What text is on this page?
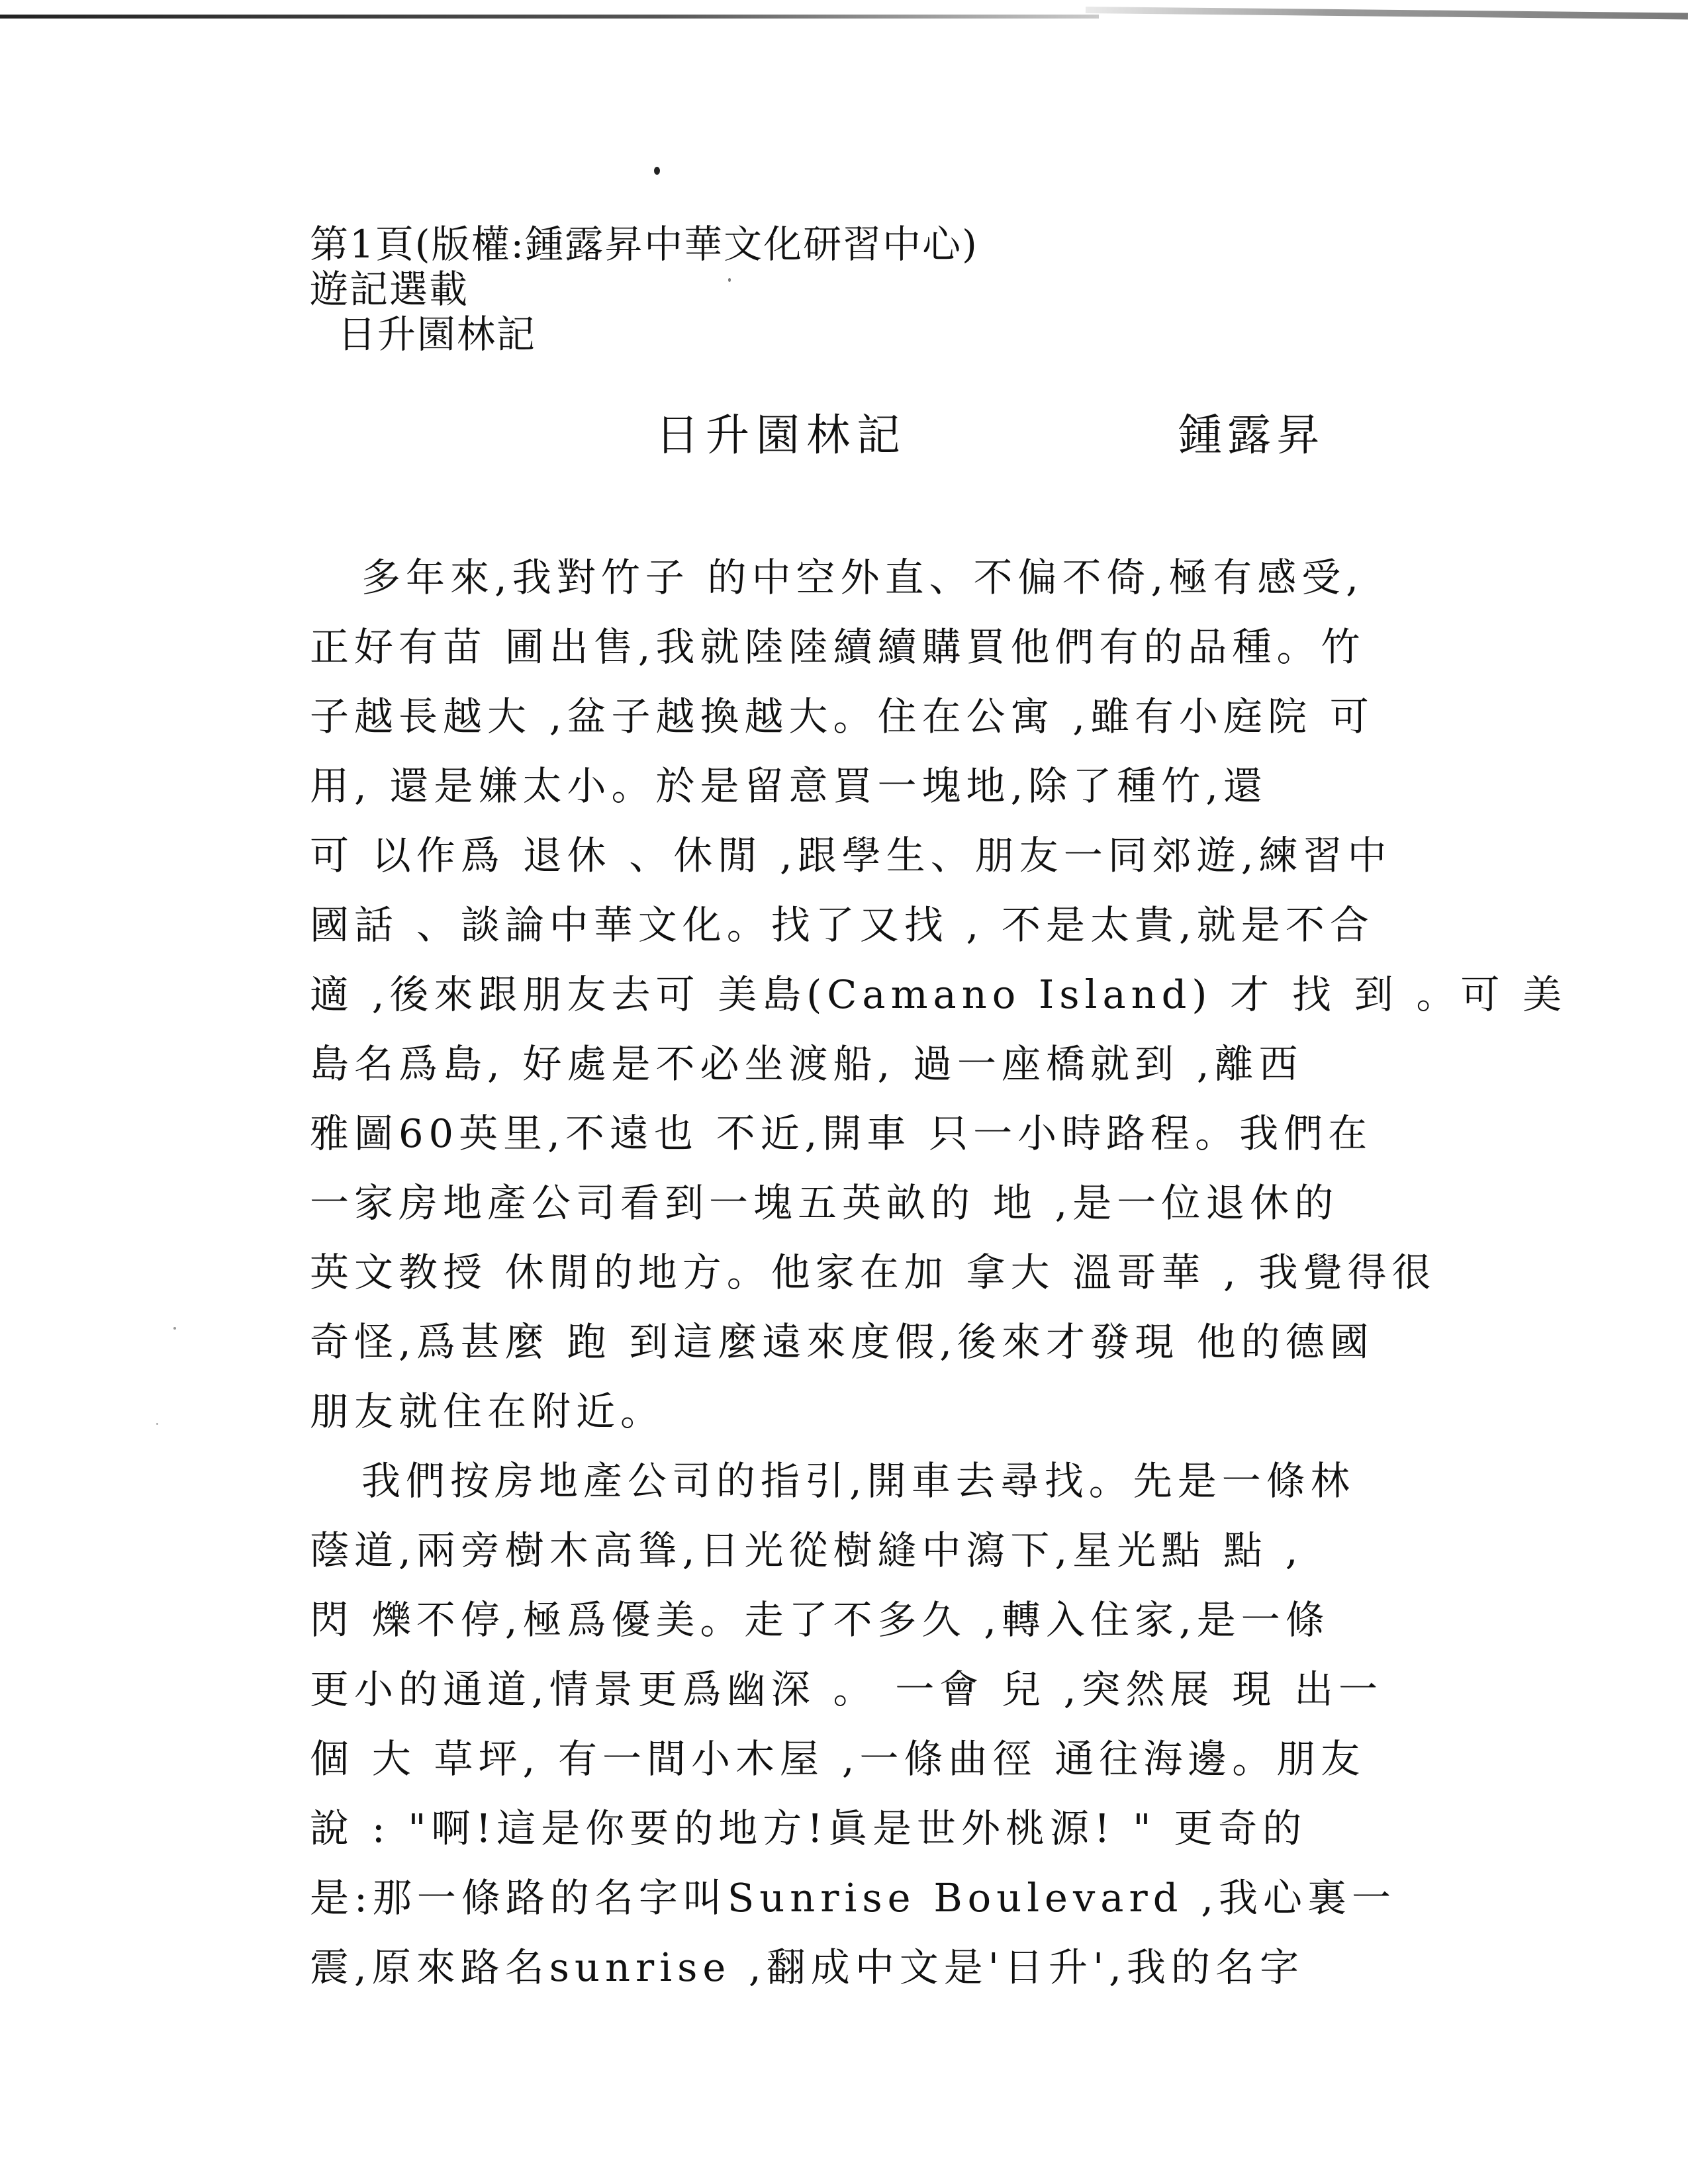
第1頁(版權:鍾露昇中華文化研習中心)
遊記選載
日升園林記
日升園林記	鍾露昇
多年來,我對竹子 的中空外直、不偏不倚,極有感受,
正好有苗 圃出售,我就陸陸續續購買他們有的品種。竹
子越長越大 ,盆子越換越大。住在公寓 ,雖有小庭院 可
用, 還是嫌太小。於是留意買一塊地,除了種竹,還
可 以作爲 退休 、休閒 ,跟學生、朋友一同郊遊,練習中
國話 、談論中華文化。找了又找 , 不是太貴,就是不合
適 ,後來跟朋友去可 美島(Camano Island) 才 找 到 。可 美
島名爲島, 好處是不必坐渡船, 過一座橋就到 ,離西
雅圖60英里,不遠也 不近,開車 只一小時路程。我們在
一家房地產公司看到一塊五英畝的 地 ,是一位退休的
英文教授 休閒的地方。他家在加 拿大 溫哥華 , 我覺得很
奇怪,爲甚麼 跑 到這麼遠來度假,後來才發現 他的德國
朋友就住在附近。
我們按房地產公司的指引,開車去尋找。先是一條林
蔭道,兩旁樹木高聳,日光從樹縫中瀉下,星光點 點 ,
閃 爍不停,極爲優美。走了不多久 ,轉入住家,是一條
更小的通道,情景更爲幽深 。 一會 兒 ,突然展 現 出一
個 大 草坪, 有一間小木屋 ,一條曲徑 通往海邊。朋友
說 : "啊!這是你要的地方!眞是世外桃源! " 更奇的
是:那一條路的名字叫Sunrise Boulevard ,我心裏一
震,原來路名sunrise ,翻成中文是'日升',我的名字
